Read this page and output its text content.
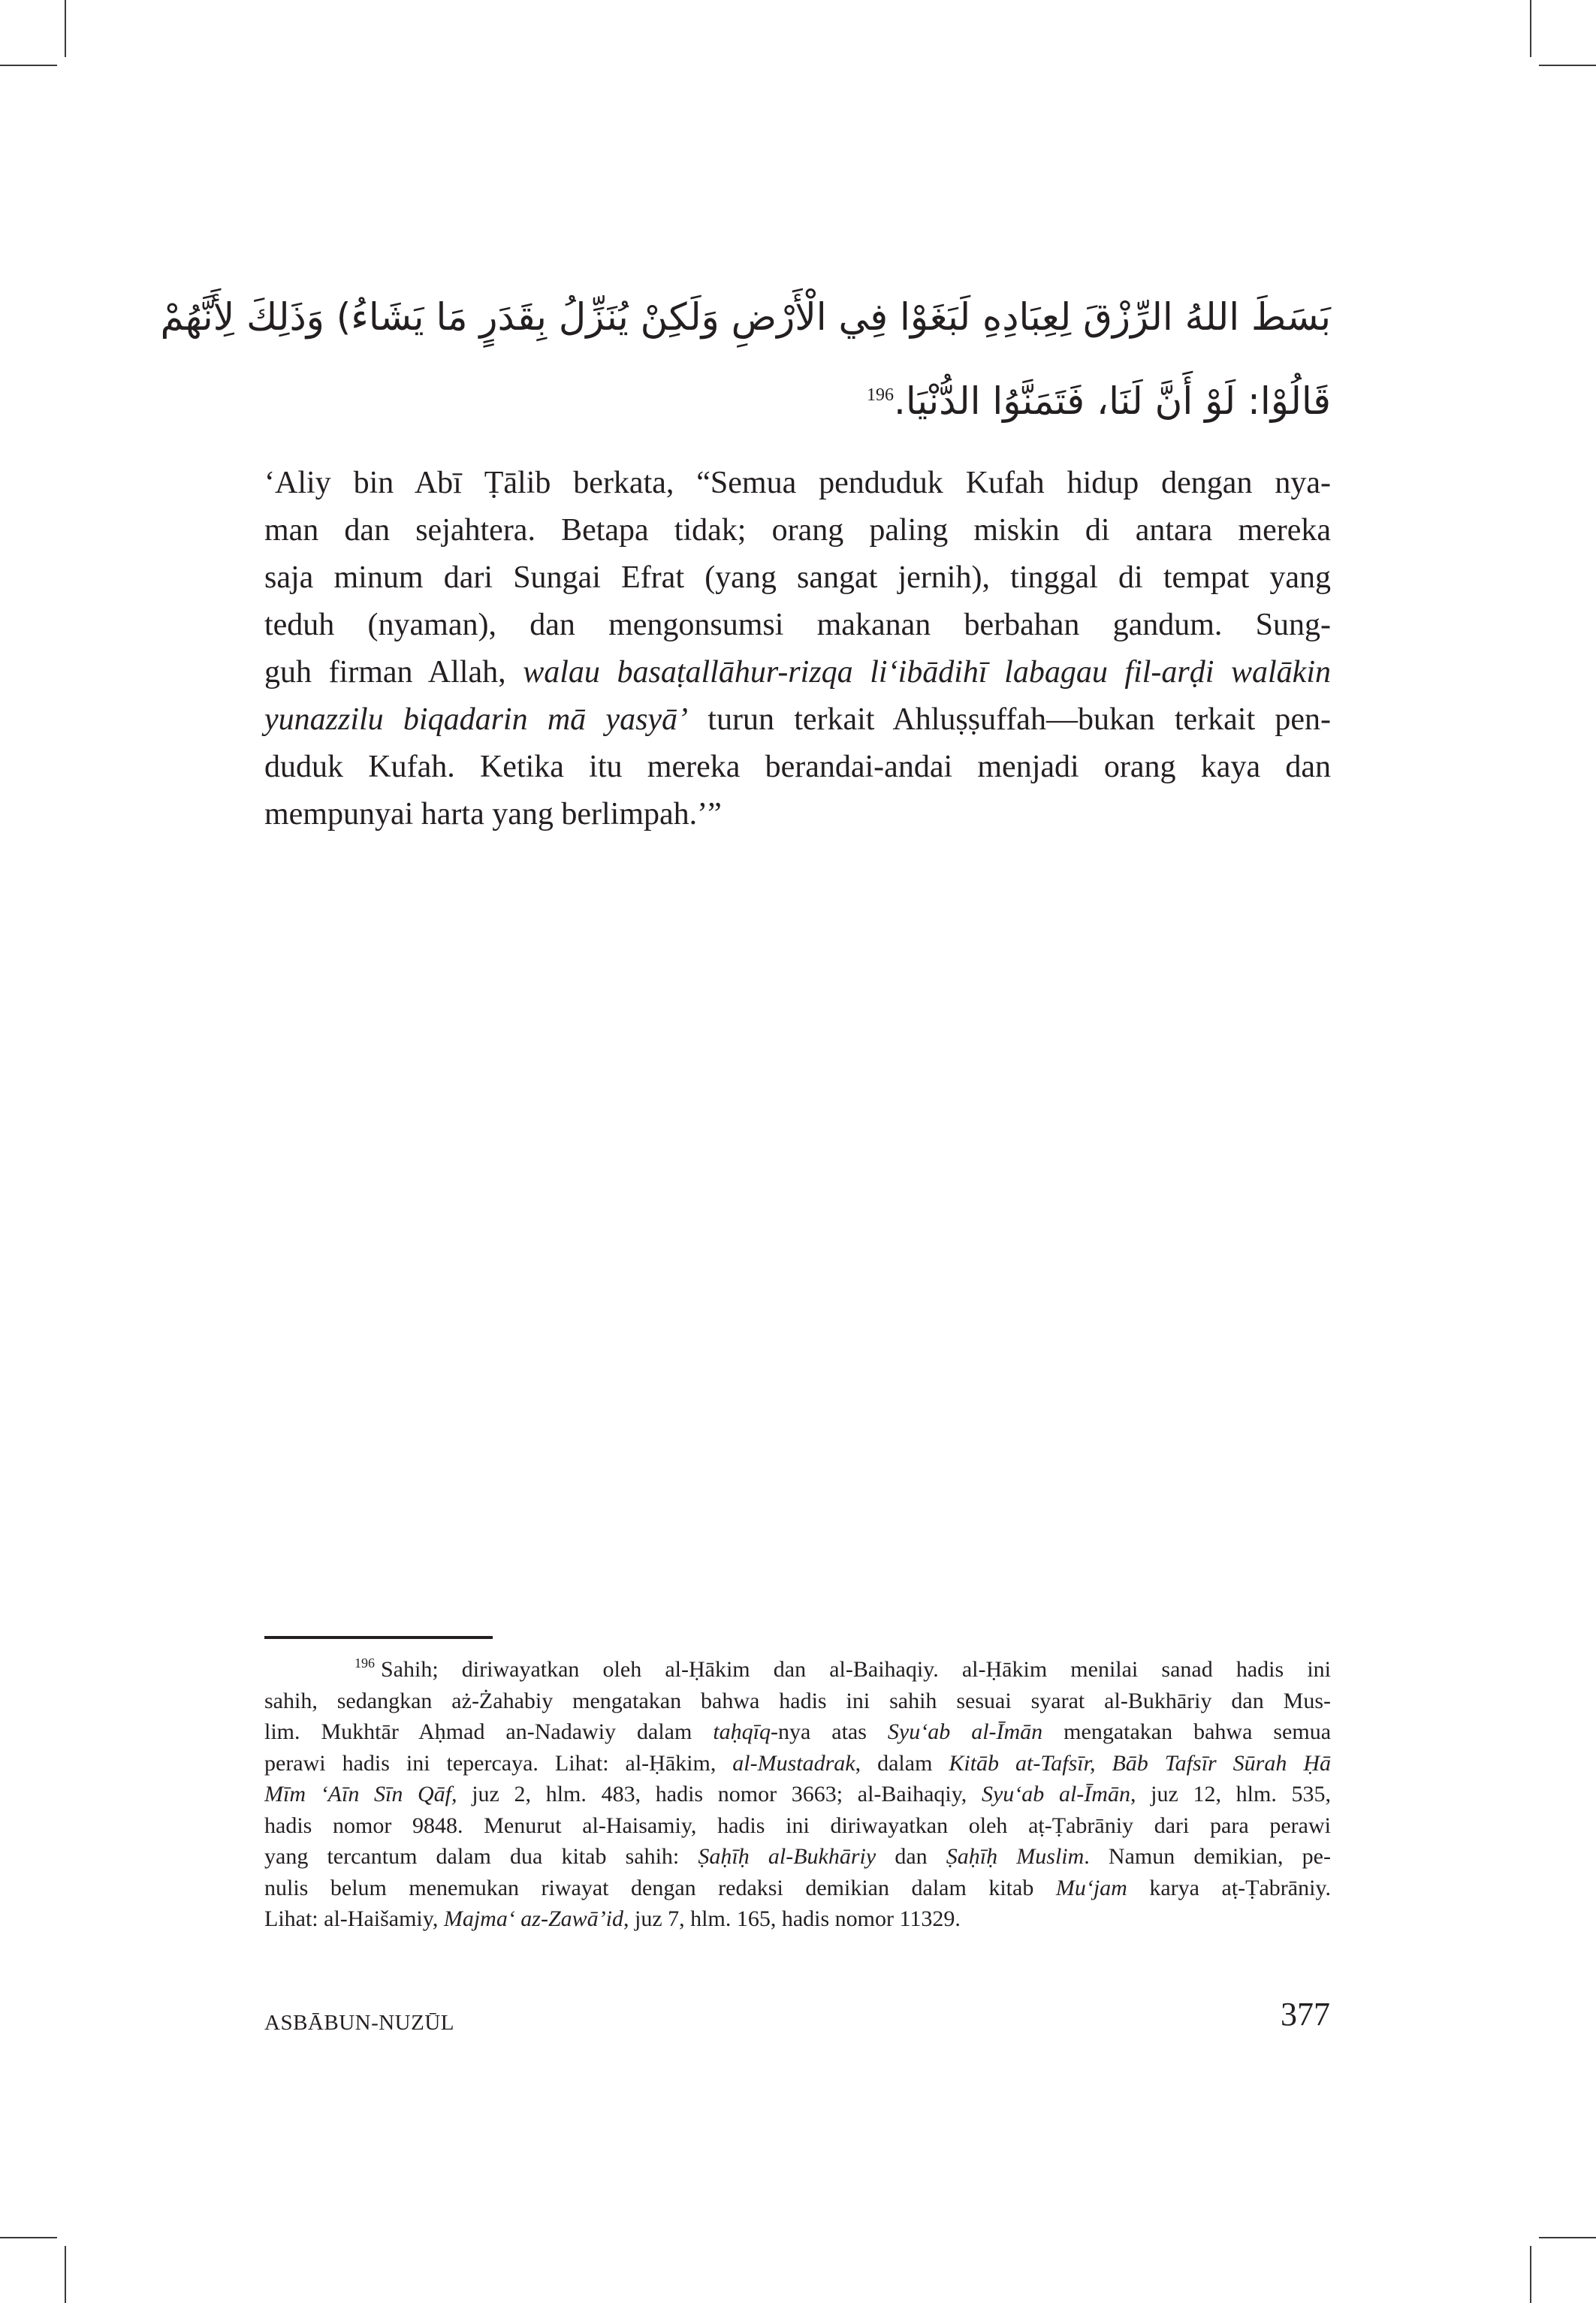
بَسَطَ اللهُ الرِّزْقَ لِعِبَادِهِ لَبَغَوْا فِي الْأَرْضِ وَلَكِنْ يُنَزِّلُ بِقَدَرٍ مَا يَشَاءُ) وَذَلِكَ لِأَنَّهُمْ
قَالُوْا: لَوْ أَنَّ لَنَا، فَتَمَنَّوُا الدُّنْيَا.$^{196}$
ʻAliy bin Abī Ṭālib berkata, “Semua penduduk Kufah hidup dengan nya-
man dan sejahtera. Betapa tidak; orang paling miskin di antara mereka
saja minum dari Sungai Efrat (yang sangat jernih), tinggal di tempat yang
teduh (nyaman), dan mengonsumsi makanan berbahan gandum. Sung-
guh firman Allah, walau basaṭallāhur-rizqa li‘ibādihī labagau fil-arḍi walākin
yunazzilu biqadarin mā yasyā’ turun terkait Ahluṣṣuffah—bukan terkait pen-
duduk Kufah. Ketika itu mereka berandai-andai menjadi orang kaya dan
mempunyai harta yang berlimpah.’”
$^{196}$ Sahih; diriwayatkan oleh al-Ḥākim dan al-Baihaqiy. al-Ḥākim menilai sanad hadis ini
sahih, sedangkan aż-Żahabiy mengatakan bahwa hadis ini sahih sesuai syarat al-Bukhāriy dan Mus-
lim. Mukhtār Aḥmad an-Nadawiy dalam taḥqīq-nya atas Syu‘ab al-Īmān mengatakan bahwa semua
perawi hadis ini tepercaya. Lihat: al-Ḥākim, al-Mustadrak, dalam Kitāb at-Tafsīr, Bāb Tafsīr Sūrah Ḥā
Mīm ʻAīn Sīn Qāf, juz 2, hlm. 483, hadis nomor 3663; al-Baihaqiy, Syu‘ab al-Īmān, juz 12, hlm. 535,
hadis nomor 9848. Menurut al-Haisamiy, hadis ini diriwayatkan oleh aṭ-Ṭabrāniy dari para perawi
yang tercantum dalam dua kitab sahih: Ṣaḥīḥ al-Bukhāriy dan Ṣaḥīḥ Muslim. Namun demikian, pe-
nulis belum menemukan riwayat dengan redaksi demikian dalam kitab Mu‘jam karya aṭ-Ṭabrāniy.
Lihat: al-Haišamiy, Majma‘ az-Zawā’id, juz 7, hlm. 165, hadis nomor 11329.
ASBĀBUN-NUZŪL	377
